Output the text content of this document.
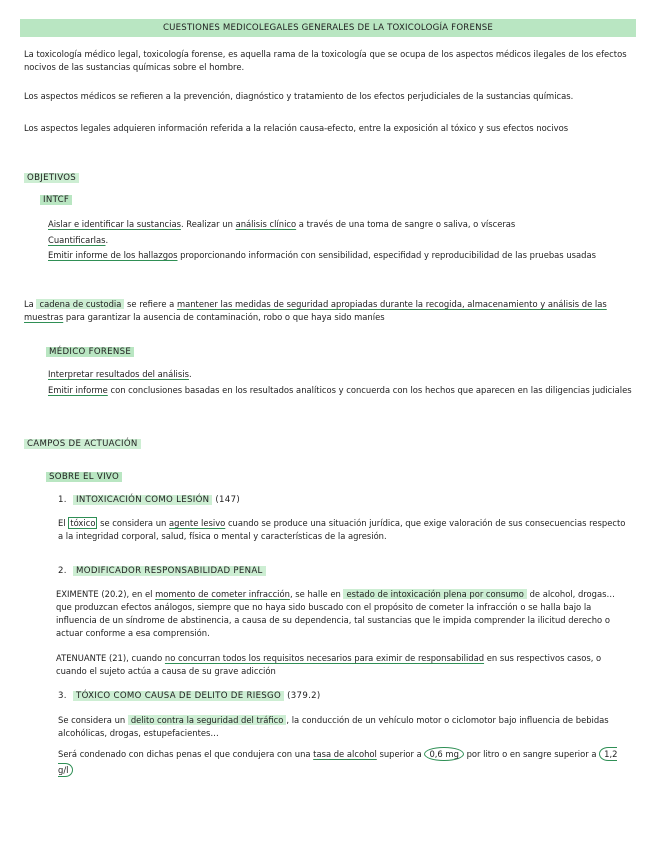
CUESTIONES MEDICOLEGALES GENERALES DE LA TOXICOLOGÍA FORENSE

La toxicología médico legal, toxicología forense, es aquella rama de la toxicología que se ocupa de los aspectos médicos ilegales de los efectos nocivos de las sustancias químicas sobre el hombre.

Los aspectos médicos se refieren a la prevención, diagnóstico y tratamiento de los efectos perjudiciales de la sustancias químicas.

Los aspectos legales adquieren información referida a la relación causa-efecto, entre la exposición al tóxico y sus efectos nocivos

OBJETIVOS
INTCF

Aislar e identificar la sustancias. Realizar un análisis clínico a través de una toma de sangre o saliva, o vísceras

Cuantificarlas.

Emitir informe de los hallazgos proporcionando información con sensibilidad, especifidad y reproducibilidad de las pruebas usadas

La cadena de custodia se refiere a mantener las medidas de seguridad apropiadas durante la recogida, almacenamiento y análisis de las muestras para garantizar la ausencia de contaminación, robo o que haya sido maníes

MÉDICO FORENSE

Interpretar resultados del análisis.

Emitir informe con conclusiones basadas en los resultados analíticos y concuerda con los hechos que aparecen en las diligencias judiciales

CAMPOS DE ACTUACIÓN
SOBRE EL VIVO
1. INTOXICACIÓN COMO LESIÓN (147)

El tóxico se considera un agente lesivo cuando se produce una situación jurídica, que exige valoración de sus consecuencias respecto a la integridad corporal, salud, física o mental y características de la agresión.

2. MODIFICADOR RESPONSABILIDAD PENAL

EXIMENTE (20.2), en el momento de cometer infracción, se halle en estado de intoxicación plena por consumo de alcohol, drogas… que produzcan efectos análogos, siempre que no haya sido buscado con el propósito de cometer la infracción o se halla bajo la influencia de un síndrome de abstinencia, a causa de su dependencia, tal sustancias que le impida comprender la ilicitud derecho o actuar conforme a esa comprensión.

ATENUANTE (21), cuando no concurran todos los requisitos necesarios para eximir de responsabilidad en sus respectivos casos, o cuando el sujeto actúa a causa de su grave adicción

3. TÓXICO COMO CAUSA DE DELITO DE RIESGO (379.2)

Se considera un delito contra la seguridad del tráfico , la conducción de un vehículo motor o ciclomotor bajo influencia de bebidas alcohólicas, drogas, estupefacientes…

Será condenado con dichas penas el que condujera con una tasa de alcohol superior a 0,6 mg por litro o en sangre superior a 1,2 g/l
